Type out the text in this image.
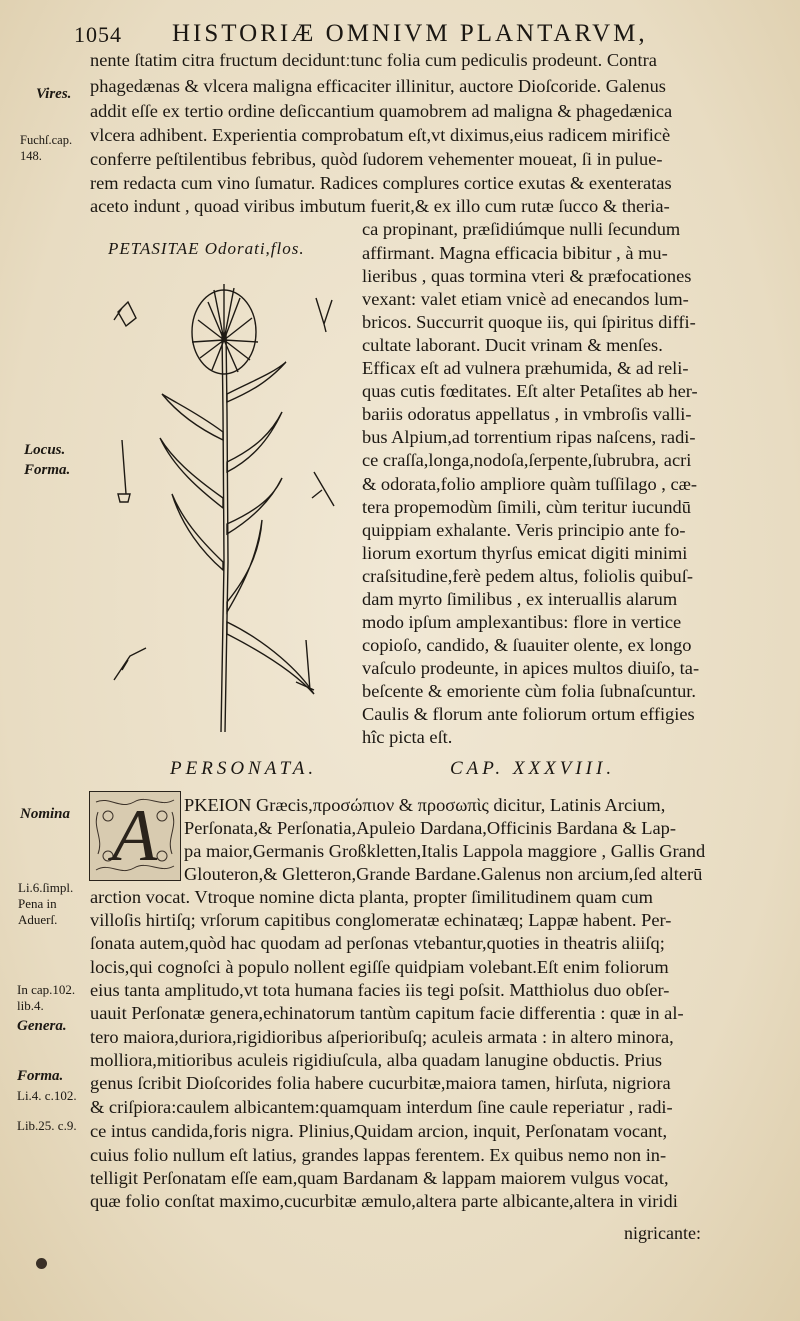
1054 HISTORIÆ OMNIVM PLANTARVM,
Vires.
Fuchſ.cap.
148.
Locus.
Forma.
Nomina
Li.6.ſimpl.
Pena in
Aduerſ.
In cap.102.
lib.4.
Genera.
Forma.
Li.4. c.102.
Lib.25. c.9.
nente ſtatim citra fructum deciduntːtunc folia cum pediculis prodeunt. Contra
phagedænas & vlcera maligna efficaciter illinitur, auctore Dioſcoride. Galenus
addit eſſe ex tertio ordine deſiccantium quamobrem ad maligna & phagedænica
vlcera adhibent. Experientia comprobatum eſt,vt diximus,eius radicem mirificè
conferre peſtilentibus febribus, quòd ſudorem vehementer moueat, ſi in pulue-
rem redacta cum vino ſumatur. Radices complures cortice exutas & exenteratas
aceto indunt , quoad viribus imbutum fuerit,& ex illo cum rutæ ſucco & theria-
PETASITAE Odorati,flos.
ca propinant, præſidiúmque nulli ſecundum
affirmant. Magna efficacia bibitur , à mu-
lieribus , quas tormina vteri & præfocationes
vexant: valet etiam vnicè ad enecandos lum-
bricos. Succurrit quoque iis, qui ſpiritus diffi-
cultate laborant. Ducit vrinam & menſes.
Efficax eſt ad vulnera præhumida, & ad reli-
quas cutis fœditates. Eſt alter Petaſites ab her-
bariis odoratus appellatus , in vmbroſis valli-
bus Alpium,ad torrentium ripas naſcens, radi-
ce craſſa,longa,nodoſa,ſerpente,ſubrubra, acri
& odorata,folio ampliore quàm tuſſilago , cæ-
tera propemodùm ſimili, cùm teritur iucundū
quippiam exhalante. Veris principio ante fo-
liorum exortum thyrſus emicat digiti minimi
craſsitudine,ferè pedem altus, foliolis quibuſ-
dam myrto ſimilibus , ex interuallis alarum
modo ipſum amplexantibus: flore in vertice
copioſo, candido, & ſuauiter olente, ex longo
vaſculo prodeunte, in apices multos diuiſo, ta-
beſcente & emoriente cùm folia ſubnaſcuntur.
Caulis & florum ante foliorum ortum effigies
hîc picta eſt.
PERSONATA.	CAP. XXXVIII.
A PKEION Græcis,προσώπιον & προσωπὶς dicitur, Latinis Arcium,
Perſonata,& Perſonatia,Apuleio Dardana,Officinis Bardana & Lap-
pa maior,Germanis Großkletten,Italis Lappola maggiore , Gallis Grand
Glouteron,& Gletteron,Grande Bardane.Galenus non arcium,ſed alterū
arction vocat. Vtroque nomine dicta planta, propter ſimilitudinem quam cum
villoſis hirtiſq; vrſorum capitibus conglomeratæ echinatæq; Lappæ habent. Per-
ſonata autem,quòd hac quodam ad perſonas vtebantur,quoties in theatris aliiſq;
locis,qui cognoſci à populo nollent egiſſe quidpiam volebant.Eſt enim foliorum
eius tanta amplitudo,vt tota humana facies iis tegi poſsit. Matthiolus duo obſer-
uauit Perſonatæ genera,echinatorum tantùm capitum facie differentia : quæ in al-
tero maiora,duriora,rigidioribus aſperioribuſq; aculeis armata : in altero minora,
molliora,mitioribus aculeis rigidiuſcula, alba quadam lanugine obductis. Prius
genus ſcribit Dioſcorides folia habere cucurbitæ,maiora tamen, hirſuta, nigriora
& criſpiora:caulem albicantem:quamquam interdum ſine caule reperiatur , radi-
ce intus candida,foris nigra. Plinius,Quidam arcion, inquit, Perſonatam vocant,
cuius folio nullum eſt latius, grandes lappas ferentem. Ex quibus nemo non in-
telligit Perſonatam eſſe eam,quam Bardanam & lappam maiorem vulgus vocat,
quæ folio conſtat maximo,cucurbitæ æmulo,altera parte albicante,altera in viridi
nigricante:
